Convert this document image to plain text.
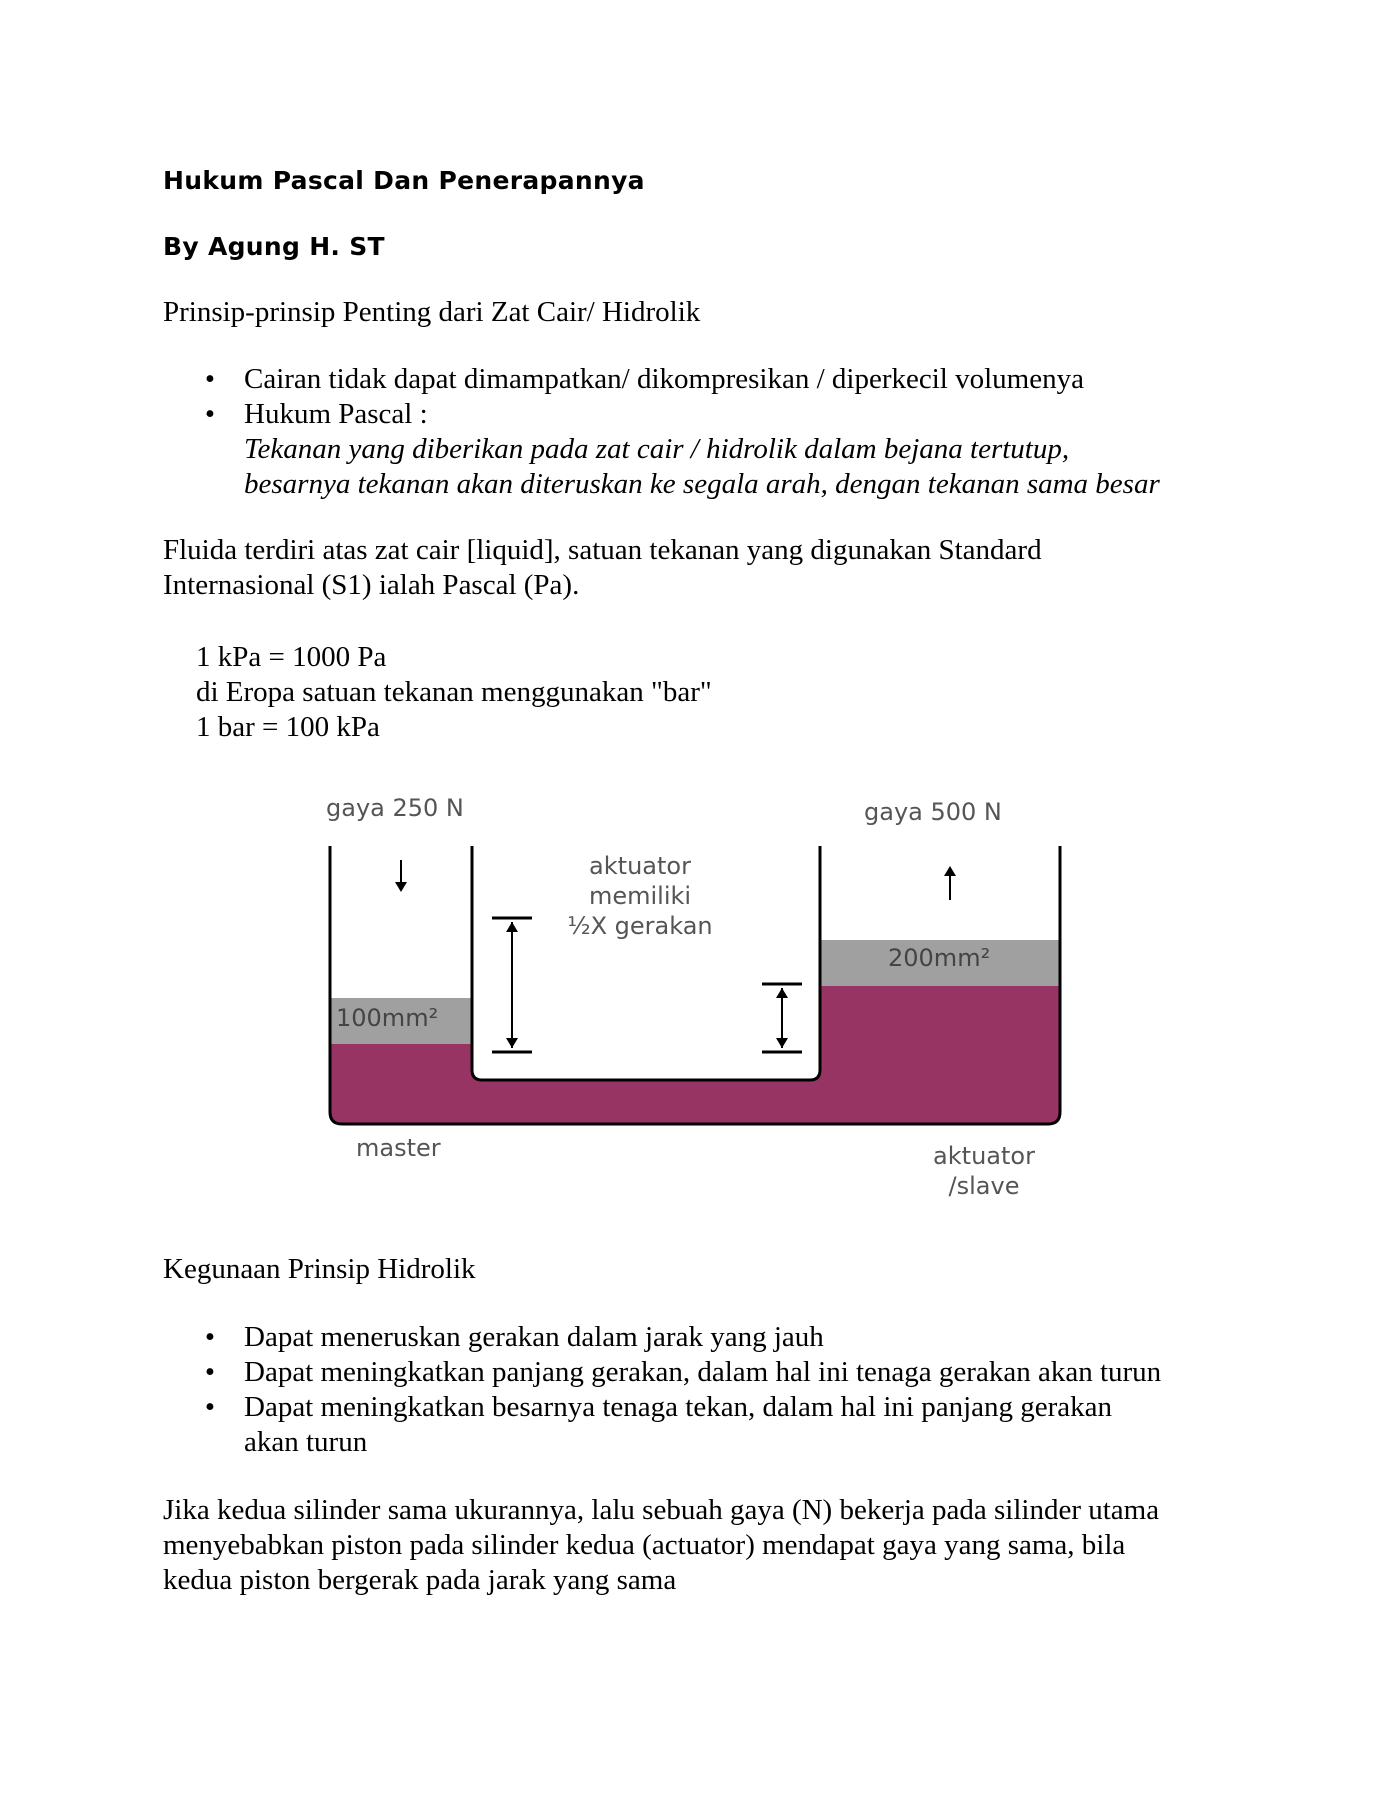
Hukum Pascal Dan Penerapannya
By Agung H. ST
Prinsip-prinsip Penting dari Zat Cair/ Hidrolik
• Cairan tidak dapat dimampatkan/ dikompresikan / diperkecil volumenya
• Hukum Pascal :
Tekanan yang diberikan pada zat cair / hidrolik dalam bejana tertutup,
besarnya tekanan akan diteruskan ke segala arah, dengan tekanan sama besar
Fluida terdiri atas zat cair [liquid], satuan tekanan yang digunakan Standard
Internasional (S1) ialah Pascal (Pa).
1 kPa = 1000 Pa
di Eropa satuan tekanan menggunakan "bar"
1 bar = 100 kPa
gaya 250 N	gaya 500 N
aktuator
memiliki
½X gerakan
100mm²
200mm²
master	aktuator
/slave
Kegunaan Prinsip Hidrolik
• Dapat meneruskan gerakan dalam jarak yang jauh
• Dapat meningkatkan panjang gerakan, dalam hal ini tenaga gerakan akan turun
• Dapat meningkatkan besarnya tenaga tekan, dalam hal ini panjang gerakan
akan turun
Jika kedua silinder sama ukurannya, lalu sebuah gaya (N) bekerja pada silinder utama
menyebabkan piston pada silinder kedua (actuator) mendapat gaya yang sama, bila
kedua piston bergerak pada jarak yang sama
